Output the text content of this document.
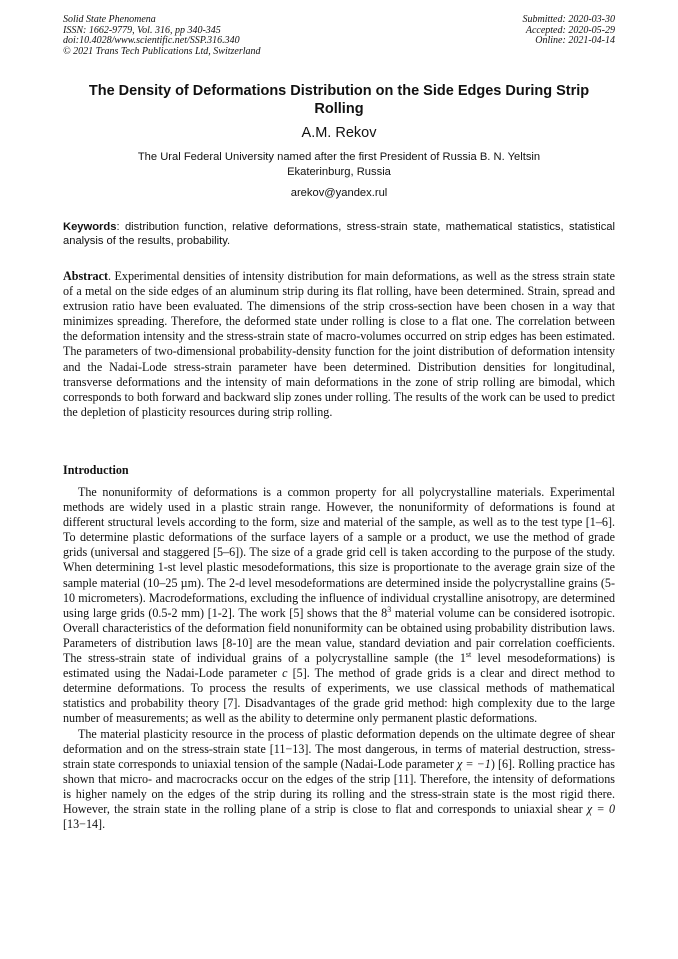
Solid State Phenomena
ISSN: 1662-9779, Vol. 316, pp 340-345
doi:10.4028/www.scientific.net/SSP.316.340
© 2021 Trans Tech Publications Ltd, Switzerland
Submitted: 2020-03-30
Accepted: 2020-05-29
Online: 2021-04-14
The Density of Deformations Distribution on the Side Edges During Strip Rolling
A.M. Rekov
The Ural Federal University named after the first President of Russia B. N. Yeltsin
Ekaterinburg, Russia
arekov@yandex.rul
Keywords: distribution function, relative deformations, stress-strain state, mathematical statistics, statistical analysis of the results, probability.
Abstract. Experimental densities of intensity distribution for main deformations, as well as the stress strain state of a metal on the side edges of an aluminum strip during its flat rolling, have been determined. Strain, spread and extrusion ratio have been evaluated. The dimensions of the strip cross-section have been chosen in a way that minimizes spreading. Therefore, the deformed state under rolling is close to a flat one. The correlation between the deformation intensity and the stress-strain state of macro-volumes occurred on strip edges has been estimated. The parameters of two-dimensional probability-density function for the joint distribution of deformation intensity and the Nadai-Lode stress-strain parameter have been determined. Distribution densities for longitudinal, transverse deformations and the intensity of main deformations in the zone of strip rolling are bimodal, which corresponds to both forward and backward slip zones under rolling. The results of the work can be used to predict the depletion of plasticity resources during strip rolling.
Introduction

The nonuniformity of deformations is a common property for all polycrystalline materials. Experimental methods are widely used in a plastic strain range. However, the nonuniformity of deformations is found at different structural levels according to the form, size and material of the sample, as well as to the test type [1–6]. To determine plastic deformations of the surface layers of a sample or a product, we use the method of grade grids (universal and staggered [5–6]). The size of a grade grid cell is taken according to the purpose of the study. When determining 1-st level plastic mesodeformations, this size is proportionate to the average grain size of the sample material (10–25 µm). The 2-d level mesodeformations are determined inside the polycrystalline grains (5-10 micrometers). Macrodeformations, excluding the influence of individual crystalline anisotropy, are determined using large grids (0.5-2 mm) [1-2]. The work [5] shows that the $8^3$ material volume can be considered isotropic. Overall characteristics of the deformation field nonuniformity can be obtained using probability distribution laws. Parameters of distribution laws [8-10] are the mean value, standard deviation and pair correlation coefficients. The stress-strain state of individual grains of a polycrystalline sample (the 1st level mesodeformations) is estimated using the Nadai-Lode parameter c [5]. The method of grade grids is a clear and direct method to determine deformations. To process the results of experiments, we use classical methods of mathematical statistics and probability theory [7]. Disadvantages of the grade grid method: high complexity due to the large number of measurements; as well as the ability to determine only permanent plastic deformations.

The material plasticity resource in the process of plastic deformation depends on the ultimate degree of shear deformation and on the stress-strain state [11−13]. The most dangerous, in terms of material destruction, stress-strain state corresponds to uniaxial tension of the sample (Nadai-Lode parameter χ = −1) [6]. Rolling practice has shown that micro- and macrocracks occur on the edges of the strip [11]. Therefore, the intensity of deformations is higher namely on the edges of the strip during its rolling and the stress-strain state is the most rigid there. However, the strain state in the rolling plane of a strip is close to flat and corresponds to uniaxial shear χ = 0 [13−14].
